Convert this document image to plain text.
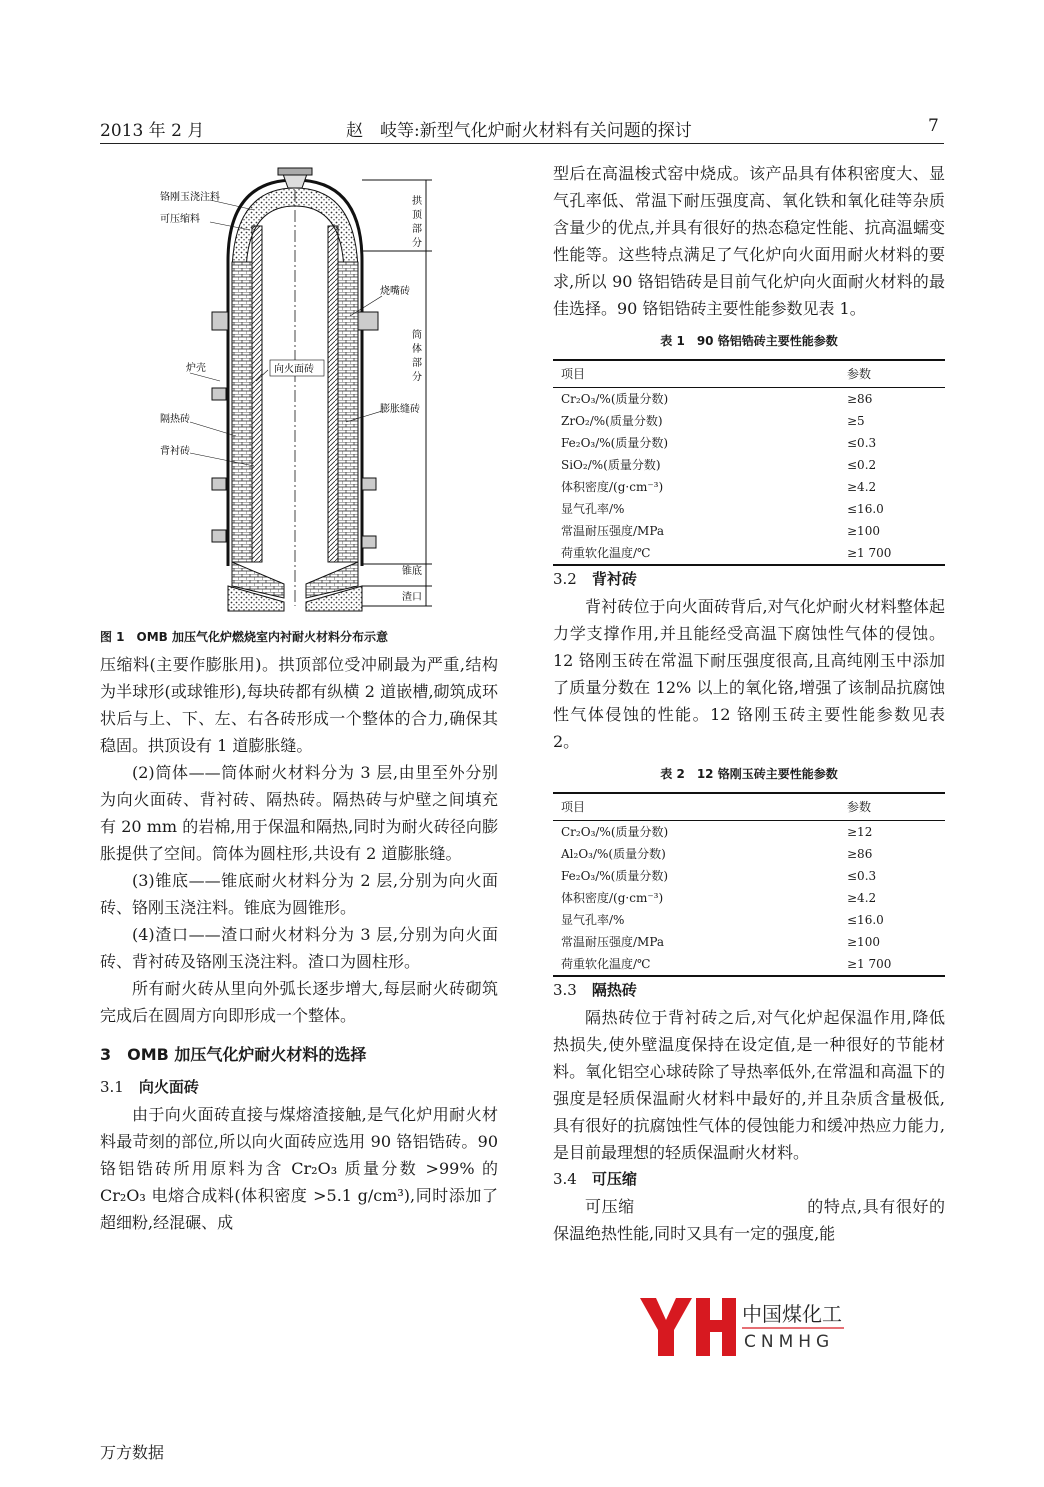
2013 年 2 月	赵　岐等:新型气化炉耐火材料有关问题的探讨	7
铬刚玉浇注料
可压缩料
烧嘴砖
炉壳	向火面砖
膨胀缝砖
隔热砖
背衬砖
锥底
渣口
拱
顶
部
分
筒
体
部
分
图 1　OMB 加压气化炉燃烧室内衬耐火材料分布示意

压缩料(主要作膨胀用)。拱顶部位受冲刷最为严重,结构为半球形(或球锥形),每块砖都有纵横 2 道嵌槽,砌筑成环状后与上、下、左、右各砖形成一个整体的合力,确保其稳固。拱顶设有 1 道膨胀缝。

(2)筒体——筒体耐火材料分为 3 层,由里至外分别为向火面砖、背衬砖、隔热砖。隔热砖与炉壁之间填充有 20 mm 的岩棉,用于保温和隔热,同时为耐火砖径向膨胀提供了空间。筒体为圆柱形,共设有 2 道膨胀缝。

(3)锥底——锥底耐火材料分为 2 层,分别为向火面砖、铬刚玉浇注料。锥底为圆锥形。

(4)渣口——渣口耐火材料分为 3 层,分别为向火面砖、背衬砖及铬刚玉浇注料。渣口为圆柱形。

所有耐火砖从里向外弧长逐步增大,每层耐火砖砌筑完成后在圆周方向即形成一个整体。

3　OMB 加压气化炉耐火材料的选择

3.1　 向火面砖

由于向火面砖直接与煤熔渣接触,是气化炉用耐火材料最苛刻的部位,所以向火面砖应选用 90 铬铝锆砖。90 铬铝锆砖所用原料为含 Cr₂O₃ 质量分数 >99% 的 Cr₂O₃ 电熔合成料(体积密度 >5.1 g/cm³),同时添加了超细粉,经混碾、成

型后在高温梭式窑中烧成。该产品具有体积密度大、显气孔率低、常温下耐压强度高、氧化铁和氧化硅等杂质含量少的优点,并具有很好的热态稳定性能、抗高温蠕变性能等。这些特点满足了气化炉向火面用耐火材料的要求,所以 90 铬铝锆砖是目前气化炉向火面耐火材料的最佳选择。90 铬铝锆砖主要性能参数见表 1。

表 1　90 铬铝锆砖主要性能参数
项目	参数
Cr₂O₃/%(质量分数)	≥86
ZrO₂/%(质量分数)	≥5
Fe₂O₃/%(质量分数)	≤0.3
SiO₂/%(质量分数)	≤0.2
体积密度/(g·cm⁻³)	≥4.2
显气孔率/%	≤16.0
常温耐压强度/MPa	≥100
荷重软化温度/℃	≥1 700

3.2　 背衬砖

背衬砖位于向火面砖背后,对气化炉耐火材料整体起力学支撑作用,并且能经受高温下腐蚀性气体的侵蚀。12 铬刚玉砖在常温下耐压强度很高,且高纯刚玉中添加了质量分数在 12% 以上的氧化铬,增强了该制品抗腐蚀性气体侵蚀的性能。12 铬刚玉砖主要性能参数见表 2。

表 2　12 铬刚玉砖主要性能参数
项目	参数
Cr₂O₃/%(质量分数)	≥12
Al₂O₃/%(质量分数)	≥86
Fe₂O₃/%(质量分数)	≤0.3
体积密度/(g·cm⁻³)	≥4.2
显气孔率/%	≤16.0
常温耐压强度/MPa	≥100
荷重软化温度/℃	≥1 700

3.3　 隔热砖

隔热砖位于背衬砖之后,对气化炉起保温作用,降低热损失,使外壁温度保持在设定值,是一种很好的节能材料。氧化铝空心球砖除了导热率低外,在常温和高温下的强度是轻质保温耐火材料中最好的,并且杂质含量极低,具有很好的抗腐蚀性气体的侵蚀能力和缓冲热应力能力,是目前最理想的轻质保温耐火材料。

3.4　 可压缩

可压缩	的特点,具有很好的保温绝热性能,同时又具有一定的强度,能

中国煤化工
CNMHG
万方数据
